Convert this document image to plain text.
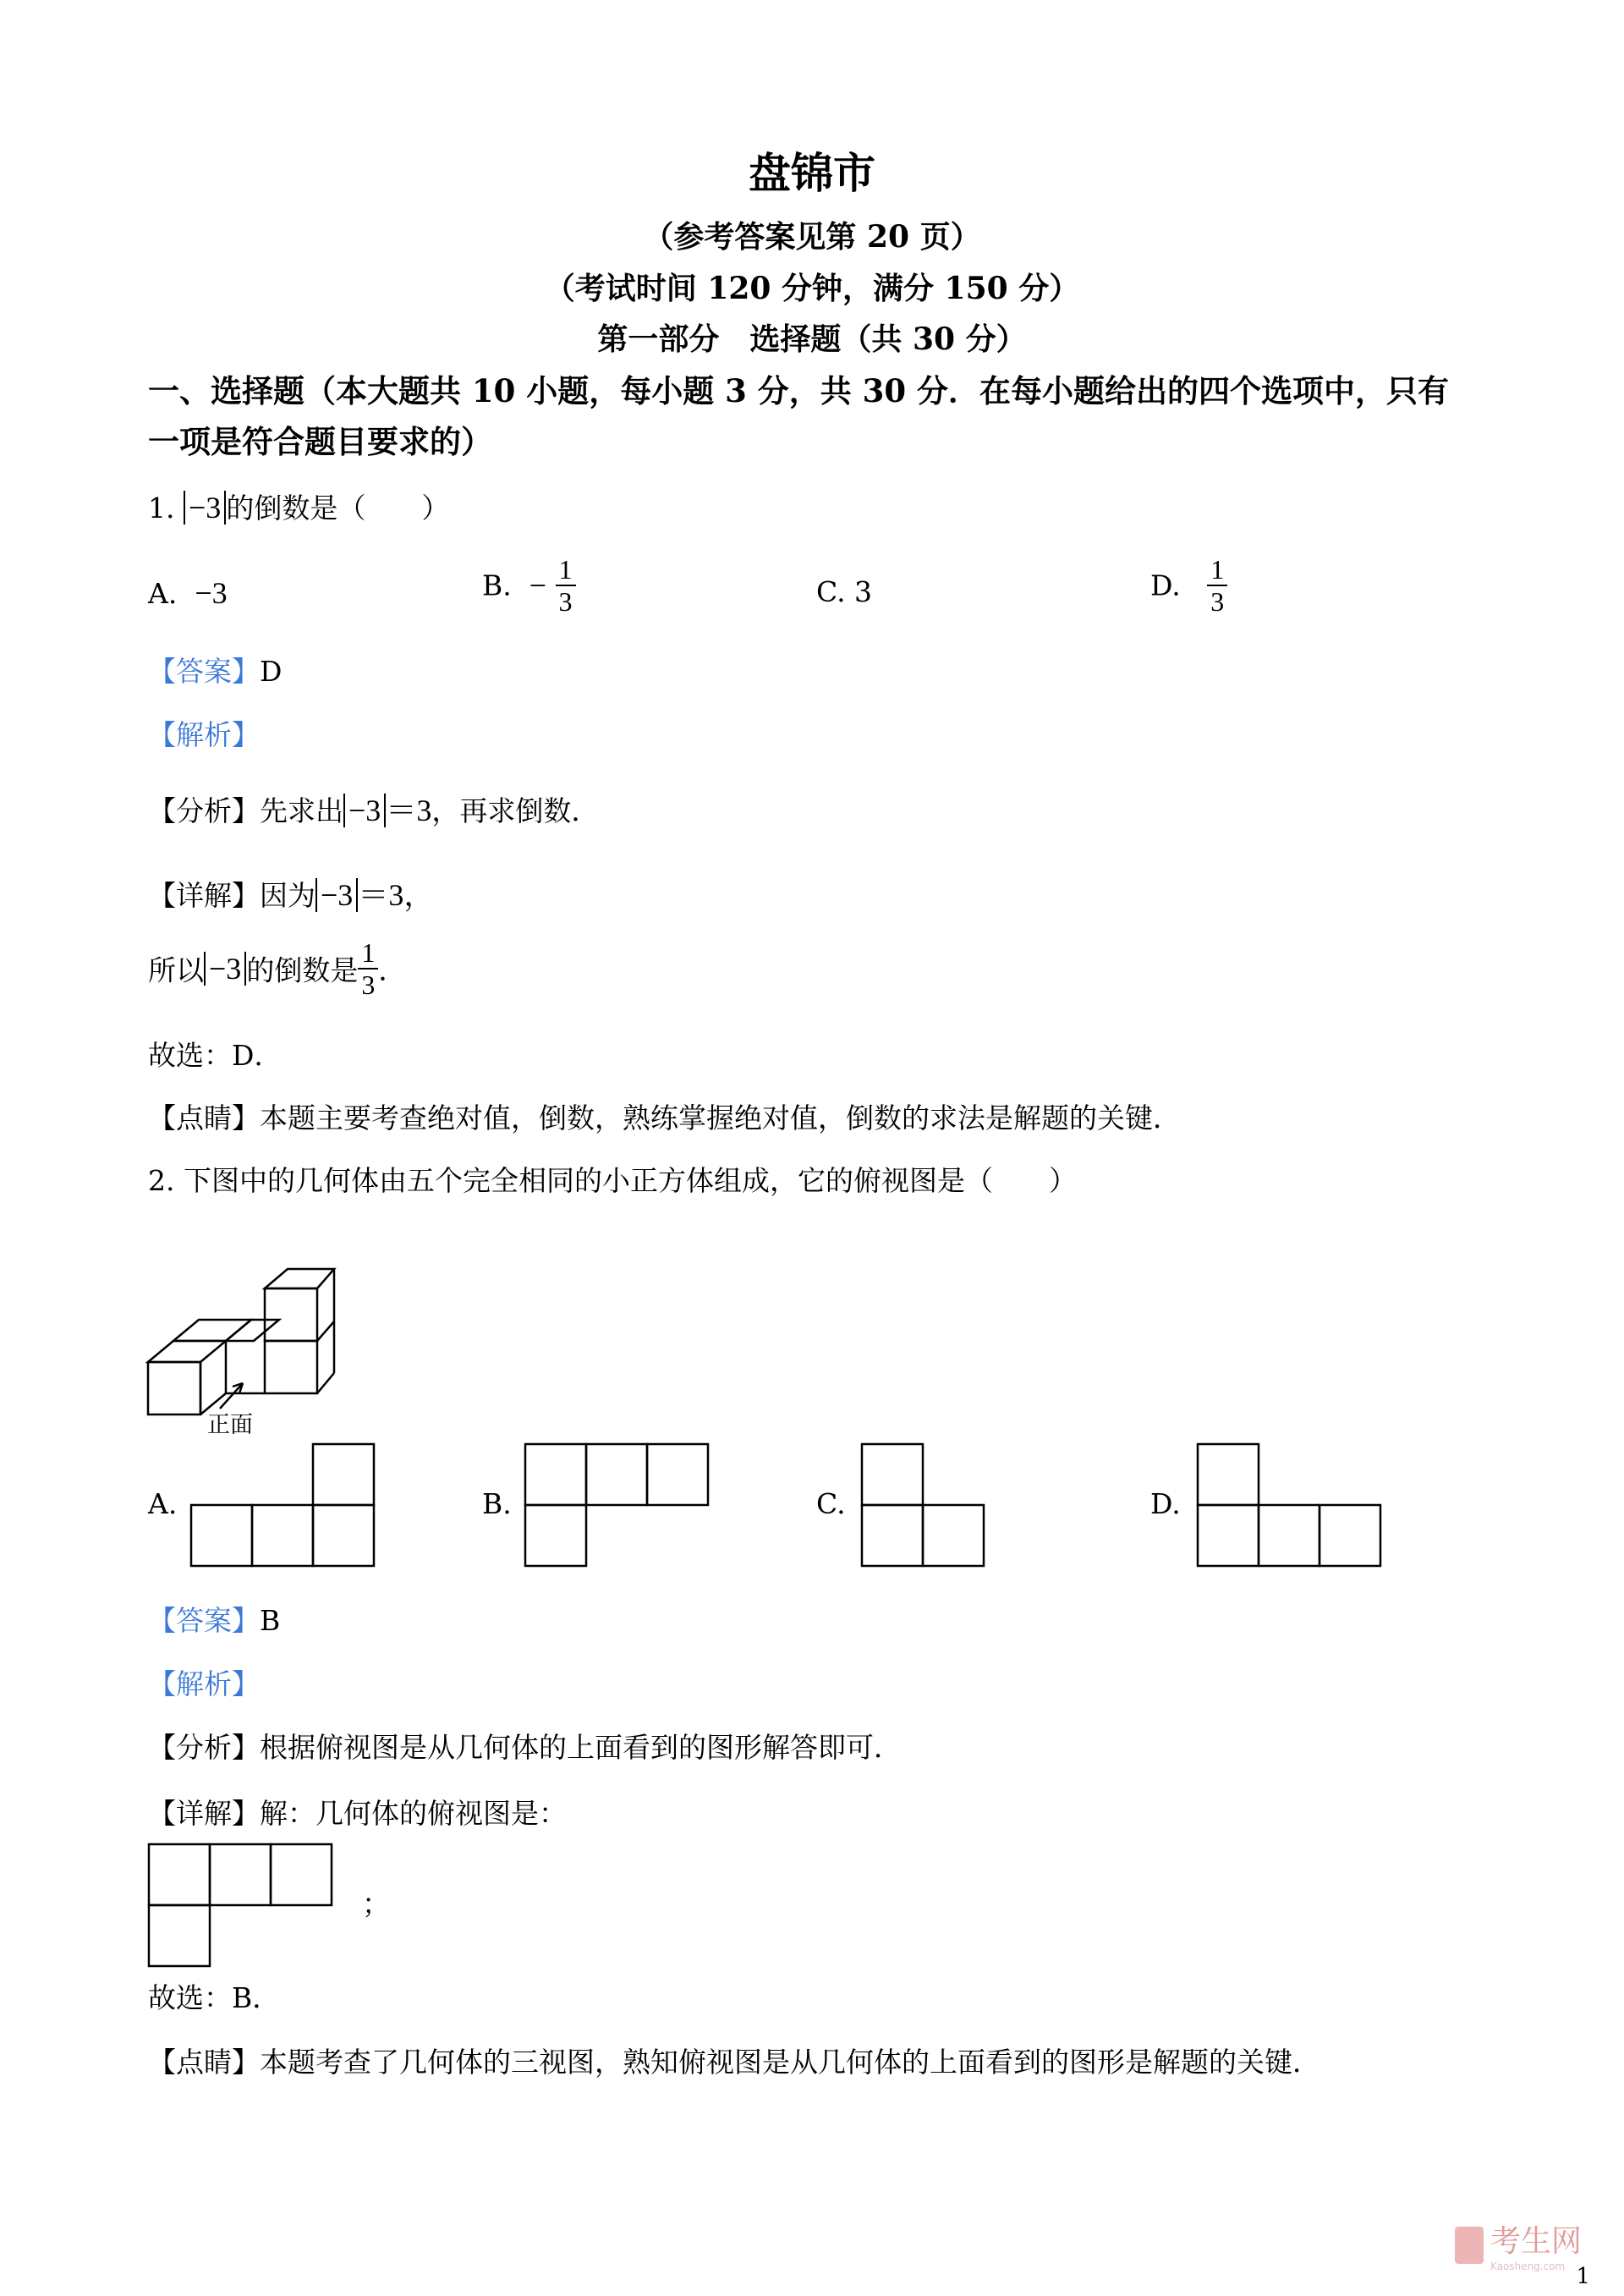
盘锦市
（参考答案见第 20 页）
（考试时间 120 分钟，满分 150 分）
第一部分　选择题（共 30 分）
一、选择题（本大题共 10 小题，每小题 3 分，共 30 分．在每小题给出的四个选项中，只有
一项是符合题目要求的）
1. −3 的倒数是（　　）
A. −3	B. − $\frac{1}{3}$	C. 3	D. $\frac{1}{3}$
【答案】D
【解析】
【分析】先求出 −3 ＝3，再求倒数．
【详解】因为 −3 ＝3，
所以 −3 的倒数是 $\frac{1}{3}$ ．
故选：D．
【点睛】本题主要考查绝对值，倒数，熟练掌握绝对值，倒数的求法是解题的关键．
2. 下图中的几何体由五个完全相同的小正方体组成，它的俯视图是（　　）
正面
A.	B.	C.	D.
【答案】B
【解析】
【分析】根据俯视图是从几何体的上面看到的图形解答即可．
【详解】解：几何体的俯视图是：
；
故选：B．
【点睛】本题考查了几何体的三视图，熟知俯视图是从几何体的上面看到的图形是解题的关键．
考生网
Kaosheng.com 1
